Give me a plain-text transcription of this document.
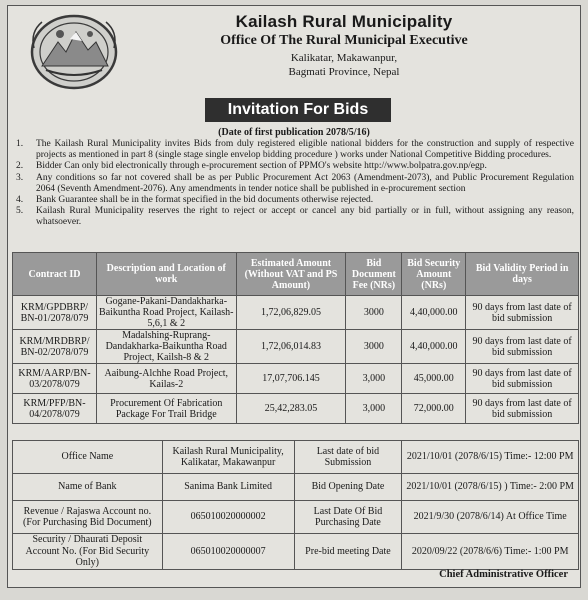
Kailash Rural Municipality
Office Of The Rural Municipal Executive
Kalikatar, Makawanpur,
Bagmati Province, Nepal
Invitation For Bids
(Date of first publication 2078/5/16)
1.	The Kailash Rural Municipality invites Bids from duly registered eligible national bidders for the construction and supply of respective projects as mentioned in part 8 (single stage single envelop bidding procedure ) works under National Competitive Bidding procedures.
2.	Bidder Can only bid electronically through e-procurement section of PPMO's website http://www.bolpatra.gov.np/egp.
3.	Any conditions so far not covered shall be as per Public Procurement Act 2063 (Amendment-2073), and Public Procurement Regulation 2064 (Seventh Amendment-2076). Any amendments in tender notice shall be published in e-procurement section
4.	Bank Guarantee shall be in the format specified in the bid documents otherwise rejected.
5.	Kailash Rural Municipality reserves the right to reject or accept or cancel any bid partially or in full, without assigning any reason, whatsoever.
Contract ID	Description and Location of work	Estimated Amount (Without VAT and PS Amount)	Bid Document Fee (NRs)	Bid Security Amount (NRs)	Bid Validity Period in days
KRM/GPDBRP/ BN-01/2078/079	Gogane-Pakani-Dandakharka-Baikuntha Road Project, Kailash-5,6,1 & 2	1,72,06,829.05	3000	4,40,000.00	90 days from last date of bid submission
KRM/MRDBRP/ BN-02/2078/079	Madalshing-Ruprang-Dandakharka-Baikuntha Road Project, Kailsh-8 & 2	1,72,06,014.83	3000	4,40,000.00	90 days from last date of bid submission
KRM/AARP/BN-03/2078/079	Aaibung-Alchhe Road Project, Kailas-2	17,07,706.145	3,000	45,000.00	90 days from last date of bid submission
KRM/PFP/BN-04/2078/079	Procurement Of Fabrication Package For Trail Bridge	25,42,283.05	3,000	72,000.00	90 days from last date of bid submission
Office Name	Kailash Rural Municipality, Kalikatar, Makawanpur	Last date of bid Submission	2021/10/01 (2078/6/15) Time:- 12:00 PM
Name of Bank	Sanima Bank Limited	Bid Opening Date	2021/10/01 (2078/6/15) ) Time:- 2:00 PM
Revenue / Rajaswa Account no. (For Purchasing Bid Document)	065010020000002	Last Date Of Bid Purchasing Date	2021/9/30 (2078/6/14) At Office Time
Security / Dhaurati Deposit Account No. (For Bid Security Only)	065010020000007	Pre-bid meeting Date	2020/09/22 (2078/6/6) Time:- 1:00 PM
Chief Administrative Officer
